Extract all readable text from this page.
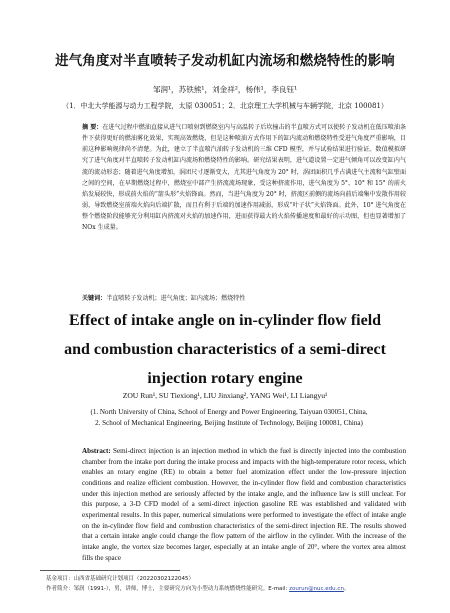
进气角度对半直喷转子发动机缸内流场和燃烧特性的影响
邹润¹，苏铁熊¹，刘金祥²，杨伟¹，李良钰¹
（1．中北大学能源与动力工程学院，太原 030051；2．北京理工大学机械与车辆学院，北京 100081）
摘 要：在进气过程中燃油直接从进气口喷射到燃烧室内与高温转子后坎撞击的半直喷方式可以使转子发动机在低压喷油条件下获得更好的燃油雾化效果，实现高效燃烧，但是这种喷油方式作用下的缸内流动和燃烧特性受进气角度严重影响，目前这种影响规律尚不清楚。为此，建立了半直喷汽油转子发动机的三维 CFD 模型，并与试验结果进行验证。数值模拟研究了进气角度对半直喷转子发动机缸内流场和燃烧特性的影响。研究结果表明，进气道设置一定进气倾角可以改变缸内气流的流动形态；随着进气角度增加，涡团尺寸逐渐变大，尤其进气角度为 20° 时，涡团面积几乎占满进气主流和气缸壁面之间的空间，在早期燃烧过程中，燃烧室中部产生挤流流场现象，受这种挤流作用，进气角度为 5°、10° 和 15° 的前火焰发展较快，形成前火焰的“箭头形”火焰锋面。然而，当进气角度为 20° 时，挤流区前侧的流场向前后端集中发散作用较弱，导致燃烧室前端火焰向后端扩散，而且有利于后端的加速作用减弱，形成“叶子状”火焰锋面。此外，10° 进气角度在整个燃烧阶段能够充分利用缸内挤流对火焰的加速作用，进而获得最大的火焰传播速度和最好的示功图，但也显著增加了 NOx 生成量。
关键词：半直喷转子发动机；进气角度；缸内流场；燃烧特性
Effect of intake angle on in-cylinder flow field and combustion characteristics of a semi-direct injection rotary engine
ZOU Run¹, SU Tiexiong¹, LIU Jinxiang², YANG Wei¹, LI Liangyu¹
(1. North University of China, School of Energy and Power Engineering, Taiyuan 030051, China,
2. School of Mechanical Engineering, Beijing Institute of Technology, Beijing 100081, China)
Abstract: Semi-direct injection is an injection method in which the fuel is directly injected into the combustion chamber from the intake port during the intake process and impacts with the high-temperature rotor recess, which enables an rotary engine (RE) to obtain a better fuel atomization effect under the low-pressure injection conditions and realize efficient combustion. However, the in-cylinder flow field and combustion characteristics under this injection method are seriously affected by the intake angle, and the influence law is still unclear. For this purpose, a 3-D CFD model of a semi-direct injection gasoline RE was established and validated with experimental results. In this paper, numerical simulations were performed to investigate the effect of intake angle on the in-cylinder flow field and combustion characteristics of the semi-direct injection RE. The results showed that a certain intake angle could change the flow pattern of the airflow in the cylinder. With the increase of the intake angle, the vortex size becomes larger, especially at an intake angle of 20°, where the vortex area almost fills the space
基金项目：山西省基础研究计划项目（20220302122045）
作者简介：邹润（1991-），男，讲师，博士，主要研究方向为小型动力系统燃烧性能研究。E-mail: zourun@nuc.edu.cn。
